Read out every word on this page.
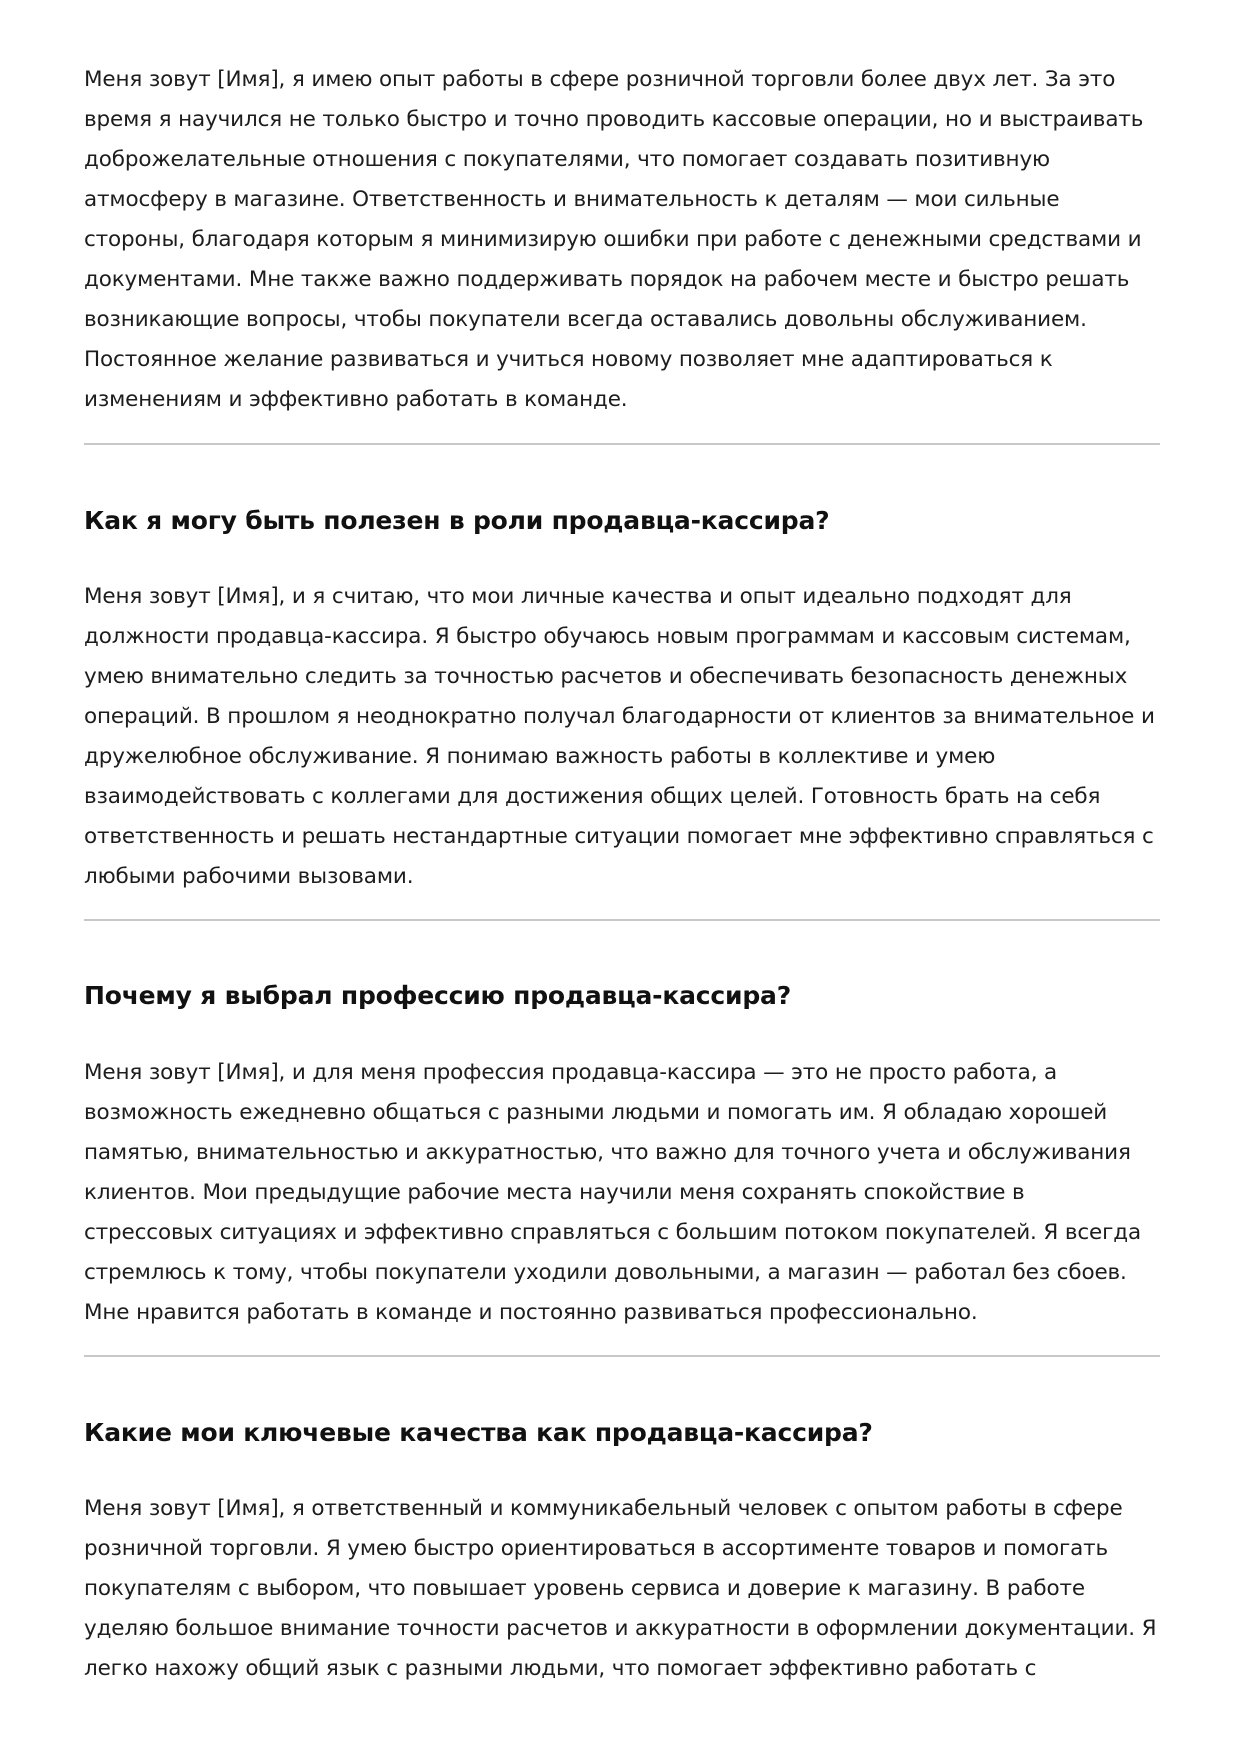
Меня зовут [Имя], я имею опыт работы в сфере розничной торговли более двух лет. За это время я научился не только быстро и точно проводить кассовые операции, но и выстраивать доброжелательные отношения с покупателями, что помогает создавать позитивную атмосферу в магазине. Ответственность и внимательность к деталям — мои сильные стороны, благодаря которым я минимизирую ошибки при работе с денежными средствами и документами. Мне также важно поддерживать порядок на рабочем месте и быстро решать возникающие вопросы, чтобы покупатели всегда оставались довольны обслуживанием. Постоянное желание развиваться и учиться новому позволяет мне адаптироваться к изменениям и эффективно работать в команде.

Как я могу быть полезен в роли продавца-кассира?

Меня зовут [Имя], и я считаю, что мои личные качества и опыт идеально подходят для должности продавца-кассира. Я быстро обучаюсь новым программам и кассовым системам, умею внимательно следить за точностью расчетов и обеспечивать безопасность денежных операций. В прошлом я неоднократно получал благодарности от клиентов за внимательное и дружелюбное обслуживание. Я понимаю важность работы в коллективе и умею взаимодействовать с коллегами для достижения общих целей. Готовность брать на себя ответственность и решать нестандартные ситуации помогает мне эффективно справляться с любыми рабочими вызовами.

Почему я выбрал профессию продавца-кассира?

Меня зовут [Имя], и для меня профессия продавца-кассира — это не просто работа, а возможность ежедневно общаться с разными людьми и помогать им. Я обладаю хорошей памятью, внимательностью и аккуратностью, что важно для точного учета и обслуживания клиентов. Мои предыдущие рабочие места научили меня сохранять спокойствие в стрессовых ситуациях и эффективно справляться с большим потоком покупателей. Я всегда стремлюсь к тому, чтобы покупатели уходили довольными, а магазин — работал без сбоев. Мне нравится работать в команде и постоянно развиваться профессионально.

Какие мои ключевые качества как продавца-кассира?

Меня зовут [Имя], я ответственный и коммуникабельный человек с опытом работы в сфере розничной торговли. Я умею быстро ориентироваться в ассортименте товаров и помогать покупателям с выбором, что повышает уровень сервиса и доверие к магазину. В работе уделяю большое внимание точности расчетов и аккуратности в оформлении документации. Я легко нахожу общий язык с разными людьми, что помогает эффективно работать с
